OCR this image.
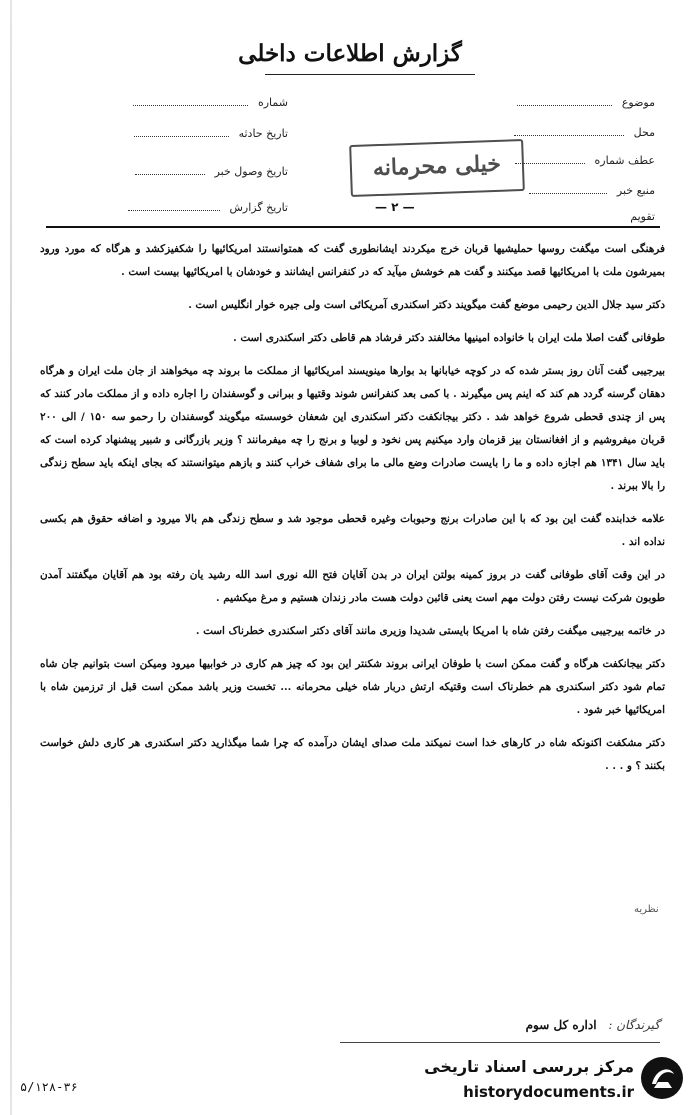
گزارش اطلاعات داخلی
موضوع
محل
عطف شماره
منبع خبر
تقویم
شماره
تاریخ حادثه
تاریخ وصول خبر
تاریخ گزارش
خیلی محرمانه
— ۲ —

فرهنگی است میگفت روسها حملیشیها قربان خرج میکردند ایشانطوری گفت که همتوانستند امریکائیها را شکفیزکشد و هرگاه که مورد ورود بمیرشون ملت با امریکائیها قصد میکنند و گفت هم خوشش میآید که در کنفرانس ایشانند و خودشان با امریکائیها بیست است .

دکتر سید جلال الدین رحیمی موضع گفت میگویند دکتر اسکندری آمریکائی است ولی جیره خوار انگلیس است .

طوفانی گفت اصلا ملت ایران با خانواده امینیها مخالفند دکتر فرشاد هم قاطی دکتر اسکندری است .

بیرجیبی گفت آنان روز بستر شده که در کوچه خیابانها بد بوارها مینویسند امریکائیها از مملکت ما بروند چه میخواهند از جان ملت ایران و هرگاه دهقان گرسنه گردد هم کند که اینم پس میگیرند . با کمی بعد کنفرانس شوند وقتیها و ببرانی و گوسفندان را اجاره داده و از مملکت مادر کنند که پس از چندی قحطی شروع خواهد شد . دکتر بیجانکفت دکتر اسکندری این شعفان خوسسته میگویند گوسفندان را رحمو سه ۱۵۰ / الی ۲۰۰ قربان میفروشیم و از افغانستان بیز قزمان وارد میکنیم پس نخود و لوبیا و برنج را چه میفرمانند ؟ وزیر بازرگانی و شبیر پیشنهاد کرده است که باید سال ۱۳۴۱ هم اجازه داده و ما را بایست صادرات وضع مالی ما برای شفاف خراب کنند و بازهم میتوانستند که بجای اینکه باید سطح زندگی را بالا ببرند .

علامه خدابنده گفت این بود که با این صادرات برنج وحبوبات وغیره قحطی موجود شد و سطح زندگی هم بالا میرود و اضافه حقوق هم بکسی نداده اند .

در این وقت آقای طوفانی گفت در بروز کمینه بولتن ایران در بدن آقایان فتح الله نوری اسد الله رشید یان رفته بود هم آقایان میگفتند آمدن طوبون شرکت نیست رفتن دولت مهم است یعنی قائبن دولت هست مادر زندان هستیم و مرغ میکشیم .

در خاتمه بیرجیبی میگفت رفتن شاه با امریکا بایستی شدیدا وزیری مانند آقای دکتر اسکندری خطرناک است .

دکتر بیجانکفت هرگاه و گفت ممکن است با طوفان ایرانی بروند شکنتر این بود که چیز هم کاری در خوابیها میرود ومیکن است بتوانیم جان شاه تمام شود دکتر اسکندری هم خطرناک است وقتیکه ارتش دربار شاه خیلی محرمانه ... تخست وزیر باشد ممکن است قبل از ترزمین شاه با امریکائیها خبر شود .

دکتر مشکفت اکنونکه شاه در کارهای خدا است نمیکند ملت صدای ایشان درآمده که چرا شما میگذارید دکتر اسکندری هر کاری دلش خواست بکنند ؟ و . . .

نظریه
گیرندگان : اداره کل سوم
۵/۱۲۸-۳۶
مرکز بررسی اسناد تاریخی
historydocuments.ir
